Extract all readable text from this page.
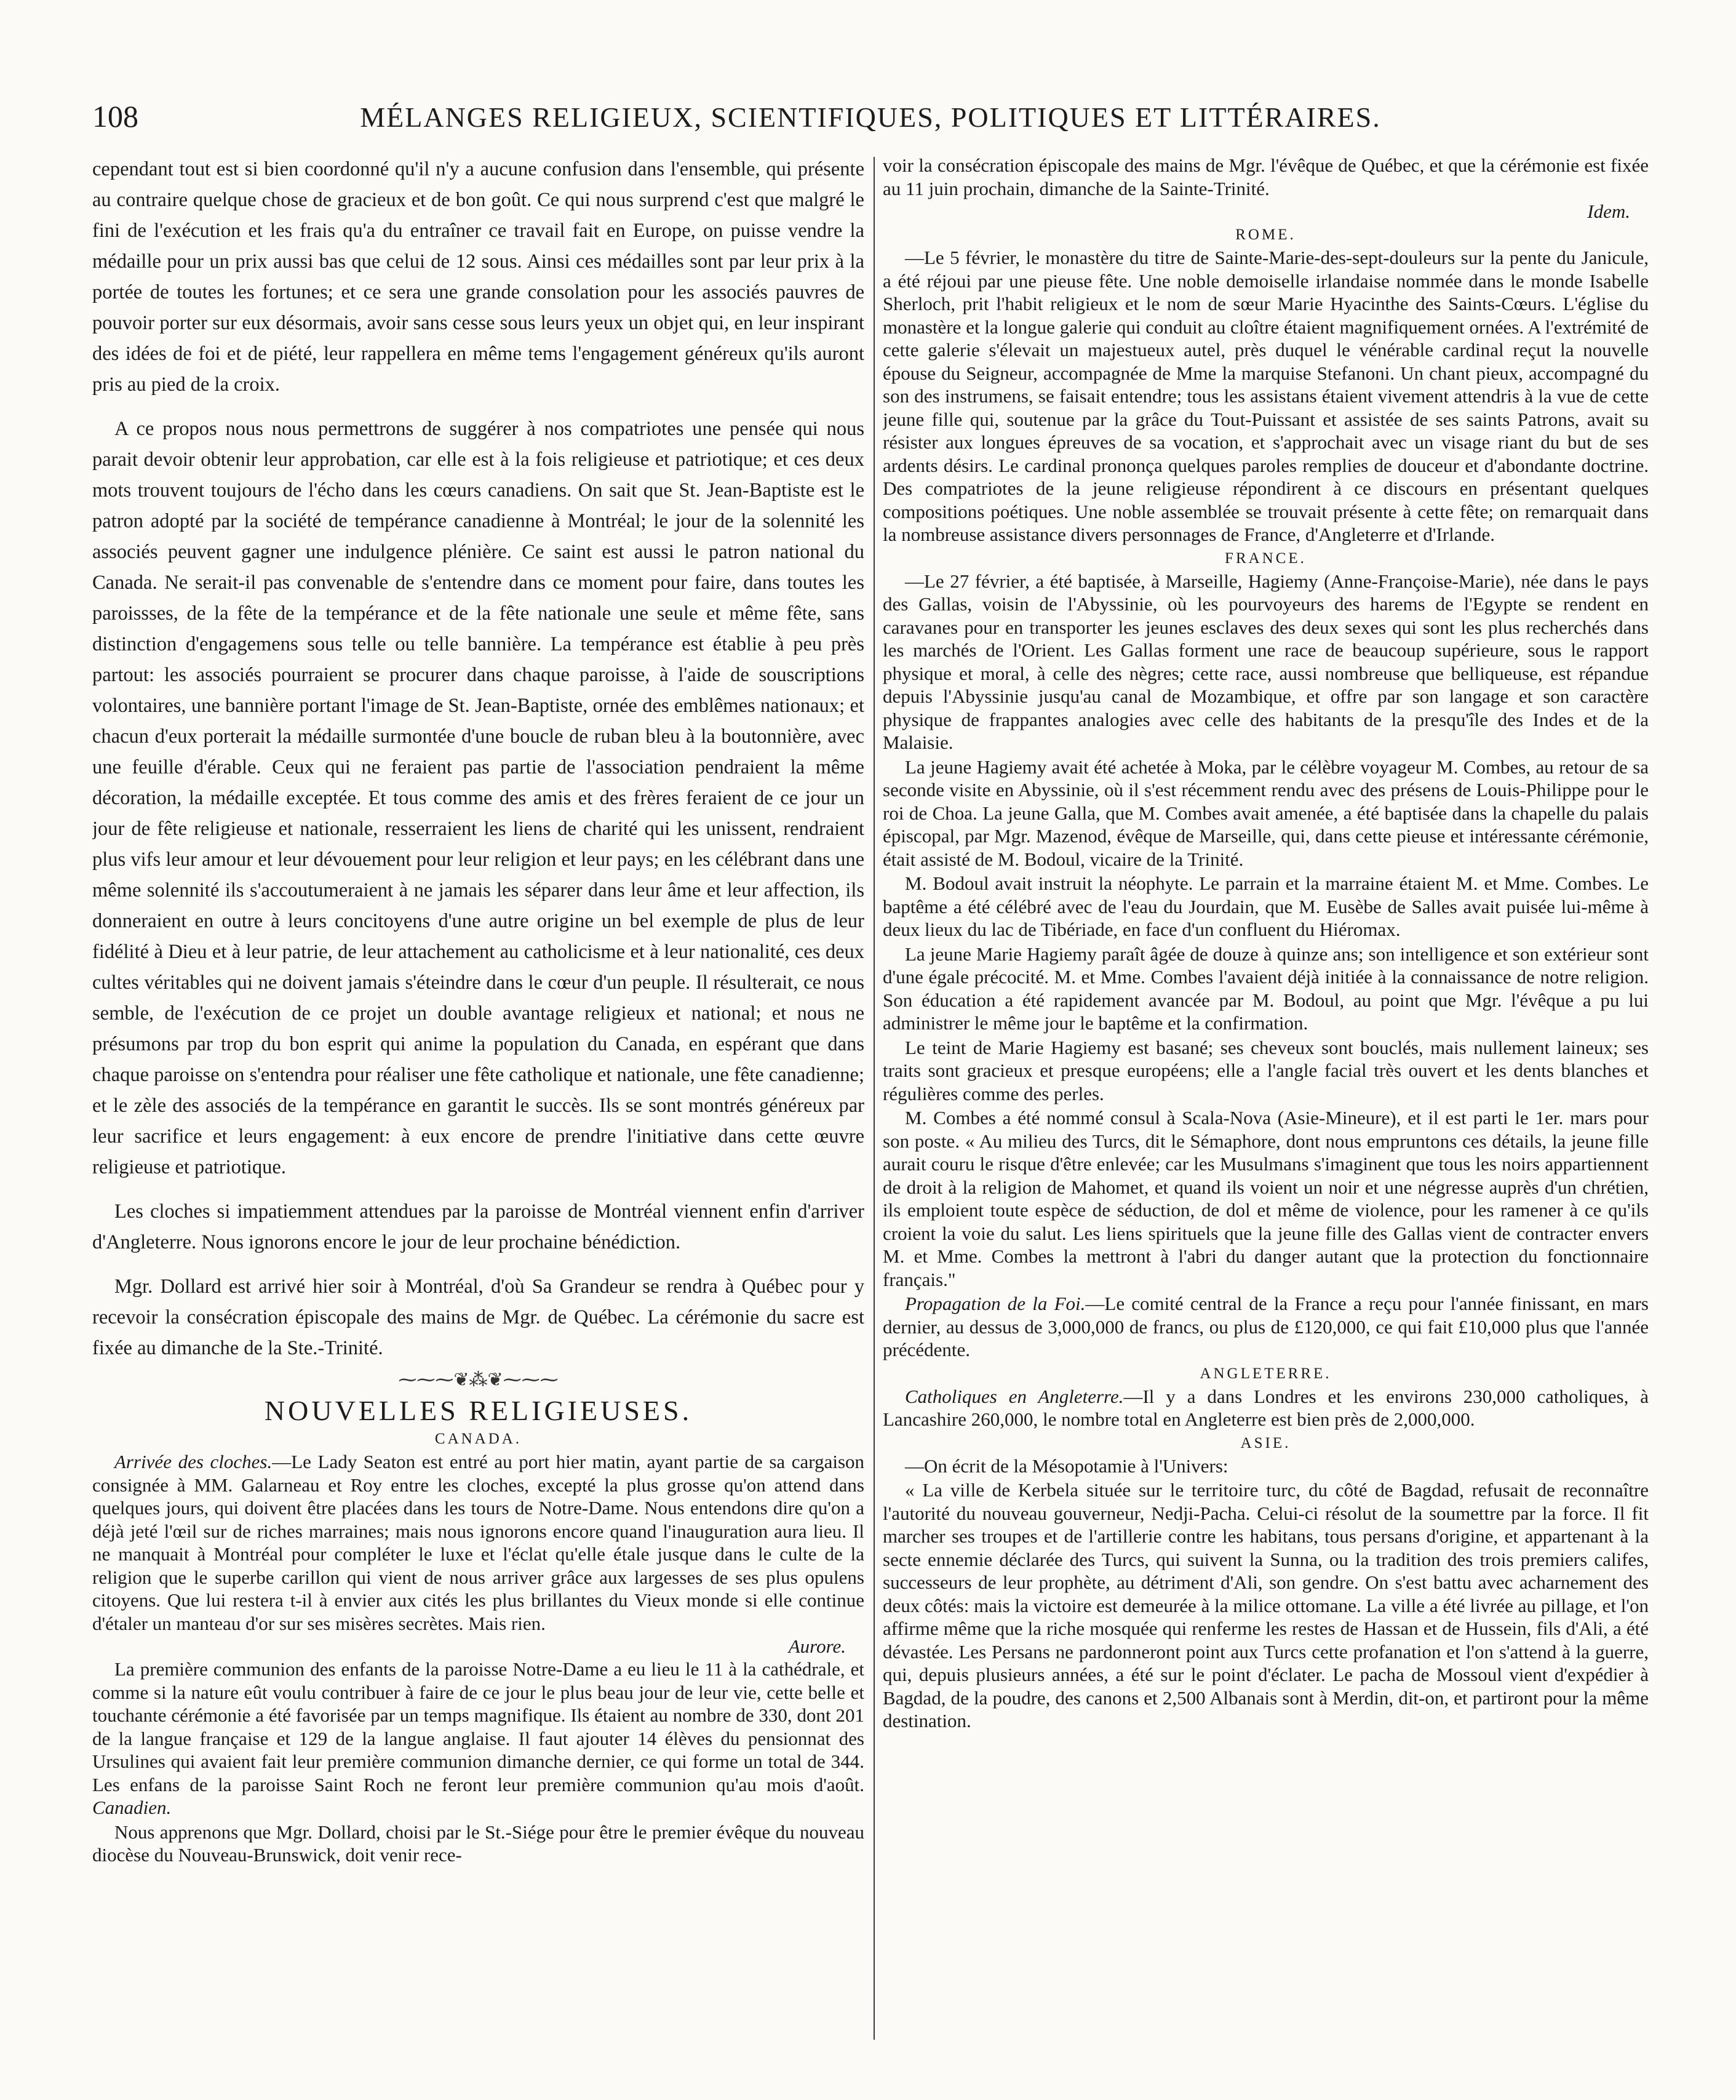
108	MÉLANGES RELIGIEUX, SCIENTIFIQUES, POLITIQUES ET LITTÉRAIRES.

cependant tout est si bien coordonné qu'il n'y a aucune confusion dans l'ensemble, qui présente au contraire quelque chose de gracieux et de bon goût. Ce qui nous surprend c'est que malgré le fini de l'exécution et les frais qu'a du entraîner ce travail fait en Europe, on puisse vendre la médaille pour un prix aussi bas que celui de 12 sous. Ainsi ces médailles sont par leur prix à la portée de toutes les fortunes; et ce sera une grande consolation pour les associés pauvres de pouvoir porter sur eux désormais, avoir sans cesse sous leurs yeux un objet qui, en leur inspirant des idées de foi et de piété, leur rappellera en même tems l'engagement généreux qu'ils auront pris au pied de la croix.

A ce propos nous nous permettrons de suggérer à nos compatriotes une pensée qui nous parait devoir obtenir leur approbation, car elle est à la fois religieuse et patriotique; et ces deux mots trouvent toujours de l'écho dans les cœurs canadiens. On sait que St. Jean-Baptiste est le patron adopté par la société de tempérance canadienne à Montréal; le jour de la solennité les associés peuvent gagner une indulgence plénière. Ce saint est aussi le patron national du Canada. Ne serait-il pas convenable de s'entendre dans ce moment pour faire, dans toutes les paroissses, de la fête de la tempérance et de la fête nationale une seule et même fête, sans distinction d'engagemens sous telle ou telle bannière. La tempérance est établie à peu près partout: les associés pourraient se procurer dans chaque paroisse, à l'aide de souscriptions volontaires, une bannière portant l'image de St. Jean-Baptiste, ornée des emblêmes nationaux; et chacun d'eux porterait la médaille surmontée d'une boucle de ruban bleu à la boutonnière, avec une feuille d'érable. Ceux qui ne feraient pas partie de l'association pendraient la même décoration, la médaille exceptée. Et tous comme des amis et des frères feraient de ce jour un jour de fête religieuse et nationale, resserraient les liens de charité qui les unissent, rendraient plus vifs leur amour et leur dévouement pour leur religion et leur pays; en les célébrant dans une même solennité ils s'accoutumeraient à ne jamais les séparer dans leur âme et leur affection, ils donneraient en outre à leurs concitoyens d'une autre origine un bel exemple de plus de leur fidélité à Dieu et à leur patrie, de leur attachement au catholicisme et à leur nationalité, ces deux cultes véritables qui ne doivent jamais s'éteindre dans le cœur d'un peuple. Il résulterait, ce nous semble, de l'exécution de ce projet un double avantage religieux et national; et nous ne présumons par trop du bon esprit qui anime la population du Canada, en espérant que dans chaque paroisse on s'entendra pour réaliser une fête catholique et nationale, une fête canadienne; et le zèle des associés de la tempérance en garantit le succès. Ils se sont montrés généreux par leur sacrifice et leurs engagement: à eux encore de prendre l'initiative dans cette œuvre religieuse et patriotique.

Les cloches si impatiemment attendues par la paroisse de Montréal viennent enfin d'arriver d'Angleterre. Nous ignorons encore le jour de leur prochaine bénédiction.

Mgr. Dollard est arrivé hier soir à Montréal, d'où Sa Grandeur se rendra à Québec pour y recevoir la consécration épiscopale des mains de Mgr. de Québec. La cérémonie du sacre est fixée au dimanche de la Ste.-Trinité.

⁓⁓⁓❦⁂❦⁓⁓⁓
NOUVELLES RELIGIEUSES.
CANADA.

Arrivée des cloches.—Le Lady Seaton est entré au port hier matin, ayant partie de sa cargaison consignée à MM. Galarneau et Roy entre les cloches, excepté la plus grosse qu'on attend dans quelques jours, qui doivent être placées dans les tours de Notre-Dame. Nous entendons dire qu'on a déjà jeté l'œil sur de riches marraines; mais nous ignorons encore quand l'inauguration aura lieu. Il ne manquait à Montréal pour compléter le luxe et l'éclat qu'elle étale jusque dans le culte de la religion que le superbe carillon qui vient de nous arriver grâce aux largesses de ses plus opulens citoyens. Que lui restera t-il à envier aux cités les plus brillantes du Vieux monde si elle continue d'étaler un manteau d'or sur ses misères secrètes. Mais rien.

Aurore.

La première communion des enfants de la paroisse Notre-Dame a eu lieu le 11 à la cathédrale, et comme si la nature eût voulu contribuer à faire de ce jour le plus beau jour de leur vie, cette belle et touchante cérémonie a été favorisée par un temps magnifique. Ils étaient au nombre de 330, dont 201 de la langue française et 129 de la langue anglaise. Il faut ajouter 14 élèves du pensionnat des Ursulines qui avaient fait leur première communion dimanche dernier, ce qui forme un total de 344. Les enfans de la paroisse Saint Roch ne feront leur première communion qu'au mois d'août. Canadien.

Nous apprenons que Mgr. Dollard, choisi par le St.-Siége pour être le premier évêque du nouveau diocèse du Nouveau-Brunswick, doit venir rece-

voir la consécration épiscopale des mains de Mgr. l'évêque de Québec, et que la cérémonie est fixée au 11 juin prochain, dimanche de la Sainte-Trinité.

Idem.
ROME.

—Le 5 février, le monastère du titre de Sainte-Marie-des-sept-douleurs sur la pente du Janicule, a été réjoui par une pieuse fête. Une noble demoiselle irlandaise nommée dans le monde Isabelle Sherloch, prit l'habit religieux et le nom de sœur Marie Hyacinthe des Saints-Cœurs. L'église du monastère et la longue galerie qui conduit au cloître étaient magnifiquement ornées. A l'extrémité de cette galerie s'élevait un majestueux autel, près duquel le vénérable cardinal reçut la nouvelle épouse du Seigneur, accompagnée de Mme la marquise Stefanoni. Un chant pieux, accompagné du son des instrumens, se faisait entendre; tous les assistans étaient vivement attendris à la vue de cette jeune fille qui, soutenue par la grâce du Tout-Puissant et assistée de ses saints Patrons, avait su résister aux longues épreuves de sa vocation, et s'approchait avec un visage riant du but de ses ardents désirs. Le cardinal prononça quelques paroles remplies de douceur et d'abondante doctrine. Des compatriotes de la jeune religieuse répondirent à ce discours en présentant quelques compositions poétiques. Une noble assemblée se trouvait présente à cette fête; on remarquait dans la nombreuse assistance divers personnages de France, d'Angleterre et d'Irlande.

FRANCE.

—Le 27 février, a été baptisée, à Marseille, Hagiemy (Anne-Françoise-Marie), née dans le pays des Gallas, voisin de l'Abyssinie, où les pourvoyeurs des harems de l'Egypte se rendent en caravanes pour en transporter les jeunes esclaves des deux sexes qui sont les plus recherchés dans les marchés de l'Orient. Les Gallas forment une race de beaucoup supérieure, sous le rapport physique et moral, à celle des nègres; cette race, aussi nombreuse que belliqueuse, est répandue depuis l'Abyssinie jusqu'au canal de Mozambique, et offre par son langage et son caractère physique de frappantes analogies avec celle des habitants de la presqu'île des Indes et de la Malaisie.

La jeune Hagiemy avait été achetée à Moka, par le célèbre voyageur M. Combes, au retour de sa seconde visite en Abyssinie, où il s'est récemment rendu avec des présens de Louis-Philippe pour le roi de Choa. La jeune Galla, que M. Combes avait amenée, a été baptisée dans la chapelle du palais épiscopal, par Mgr. Mazenod, évêque de Marseille, qui, dans cette pieuse et intéressante cérémonie, était assisté de M. Bodoul, vicaire de la Trinité.

M. Bodoul avait instruit la néophyte. Le parrain et la marraine étaient M. et Mme. Combes. Le baptême a été célébré avec de l'eau du Jourdain, que M. Eusèbe de Salles avait puisée lui-même à deux lieux du lac de Tibériade, en face d'un confluent du Hiéromax.

La jeune Marie Hagiemy paraît âgée de douze à quinze ans; son intelligence et son extérieur sont d'une égale précocité. M. et Mme. Combes l'avaient déjà initiée à la connaissance de notre religion. Son éducation a été rapidement avancée par M. Bodoul, au point que Mgr. l'évêque a pu lui administrer le même jour le baptême et la confirmation.

Le teint de Marie Hagiemy est basané; ses cheveux sont bouclés, mais nullement laineux; ses traits sont gracieux et presque européens; elle a l'angle facial très ouvert et les dents blanches et régulières comme des perles.

M. Combes a été nommé consul à Scala-Nova (Asie-Mineure), et il est parti le 1er. mars pour son poste. « Au milieu des Turcs, dit le Sémaphore, dont nous empruntons ces détails, la jeune fille aurait couru le risque d'être enlevée; car les Musulmans s'imaginent que tous les noirs appartiennent de droit à la religion de Mahomet, et quand ils voient un noir et une négresse auprès d'un chrétien, ils emploient toute espèce de séduction, de dol et même de violence, pour les ramener à ce qu'ils croient la voie du salut. Les liens spirituels que la jeune fille des Gallas vient de contracter envers M. et Mme. Combes la mettront à l'abri du danger autant que la protection du fonctionnaire français."

Propagation de la Foi.—Le comité central de la France a reçu pour l'année finissant, en mars dernier, au dessus de 3,000,000 de francs, ou plus de £120,000, ce qui fait £10,000 plus que l'année précédente.

ANGLETERRE.

Catholiques en Angleterre.—Il y a dans Londres et les environs 230,000 catholiques, à Lancashire 260,000, le nombre total en Angleterre est bien près de 2,000,000.

ASIE.

—On écrit de la Mésopotamie à l'Univers:

« La ville de Kerbela située sur le territoire turc, du côté de Bagdad, refusait de reconnaître l'autorité du nouveau gouverneur, Nedji-Pacha. Celui-ci résolut de la soumettre par la force. Il fit marcher ses troupes et de l'artillerie contre les habitans, tous persans d'origine, et appartenant à la secte ennemie déclarée des Turcs, qui suivent la Sunna, ou la tradition des trois premiers califes, successeurs de leur prophète, au détriment d'Ali, son gendre. On s'est battu avec acharnement des deux côtés: mais la victoire est demeurée à la milice ottomane. La ville a été livrée au pillage, et l'on affirme même que la riche mosquée qui renferme les restes de Hassan et de Hussein, fils d'Ali, a été dévastée. Les Persans ne pardonneront point aux Turcs cette profanation et l'on s'attend à la guerre, qui, depuis plusieurs années, a été sur le point d'éclater. Le pacha de Mossoul vient d'expédier à Bagdad, de la poudre, des canons et 2,500 Albanais sont à Merdin, dit-on, et partiront pour la même destination.
